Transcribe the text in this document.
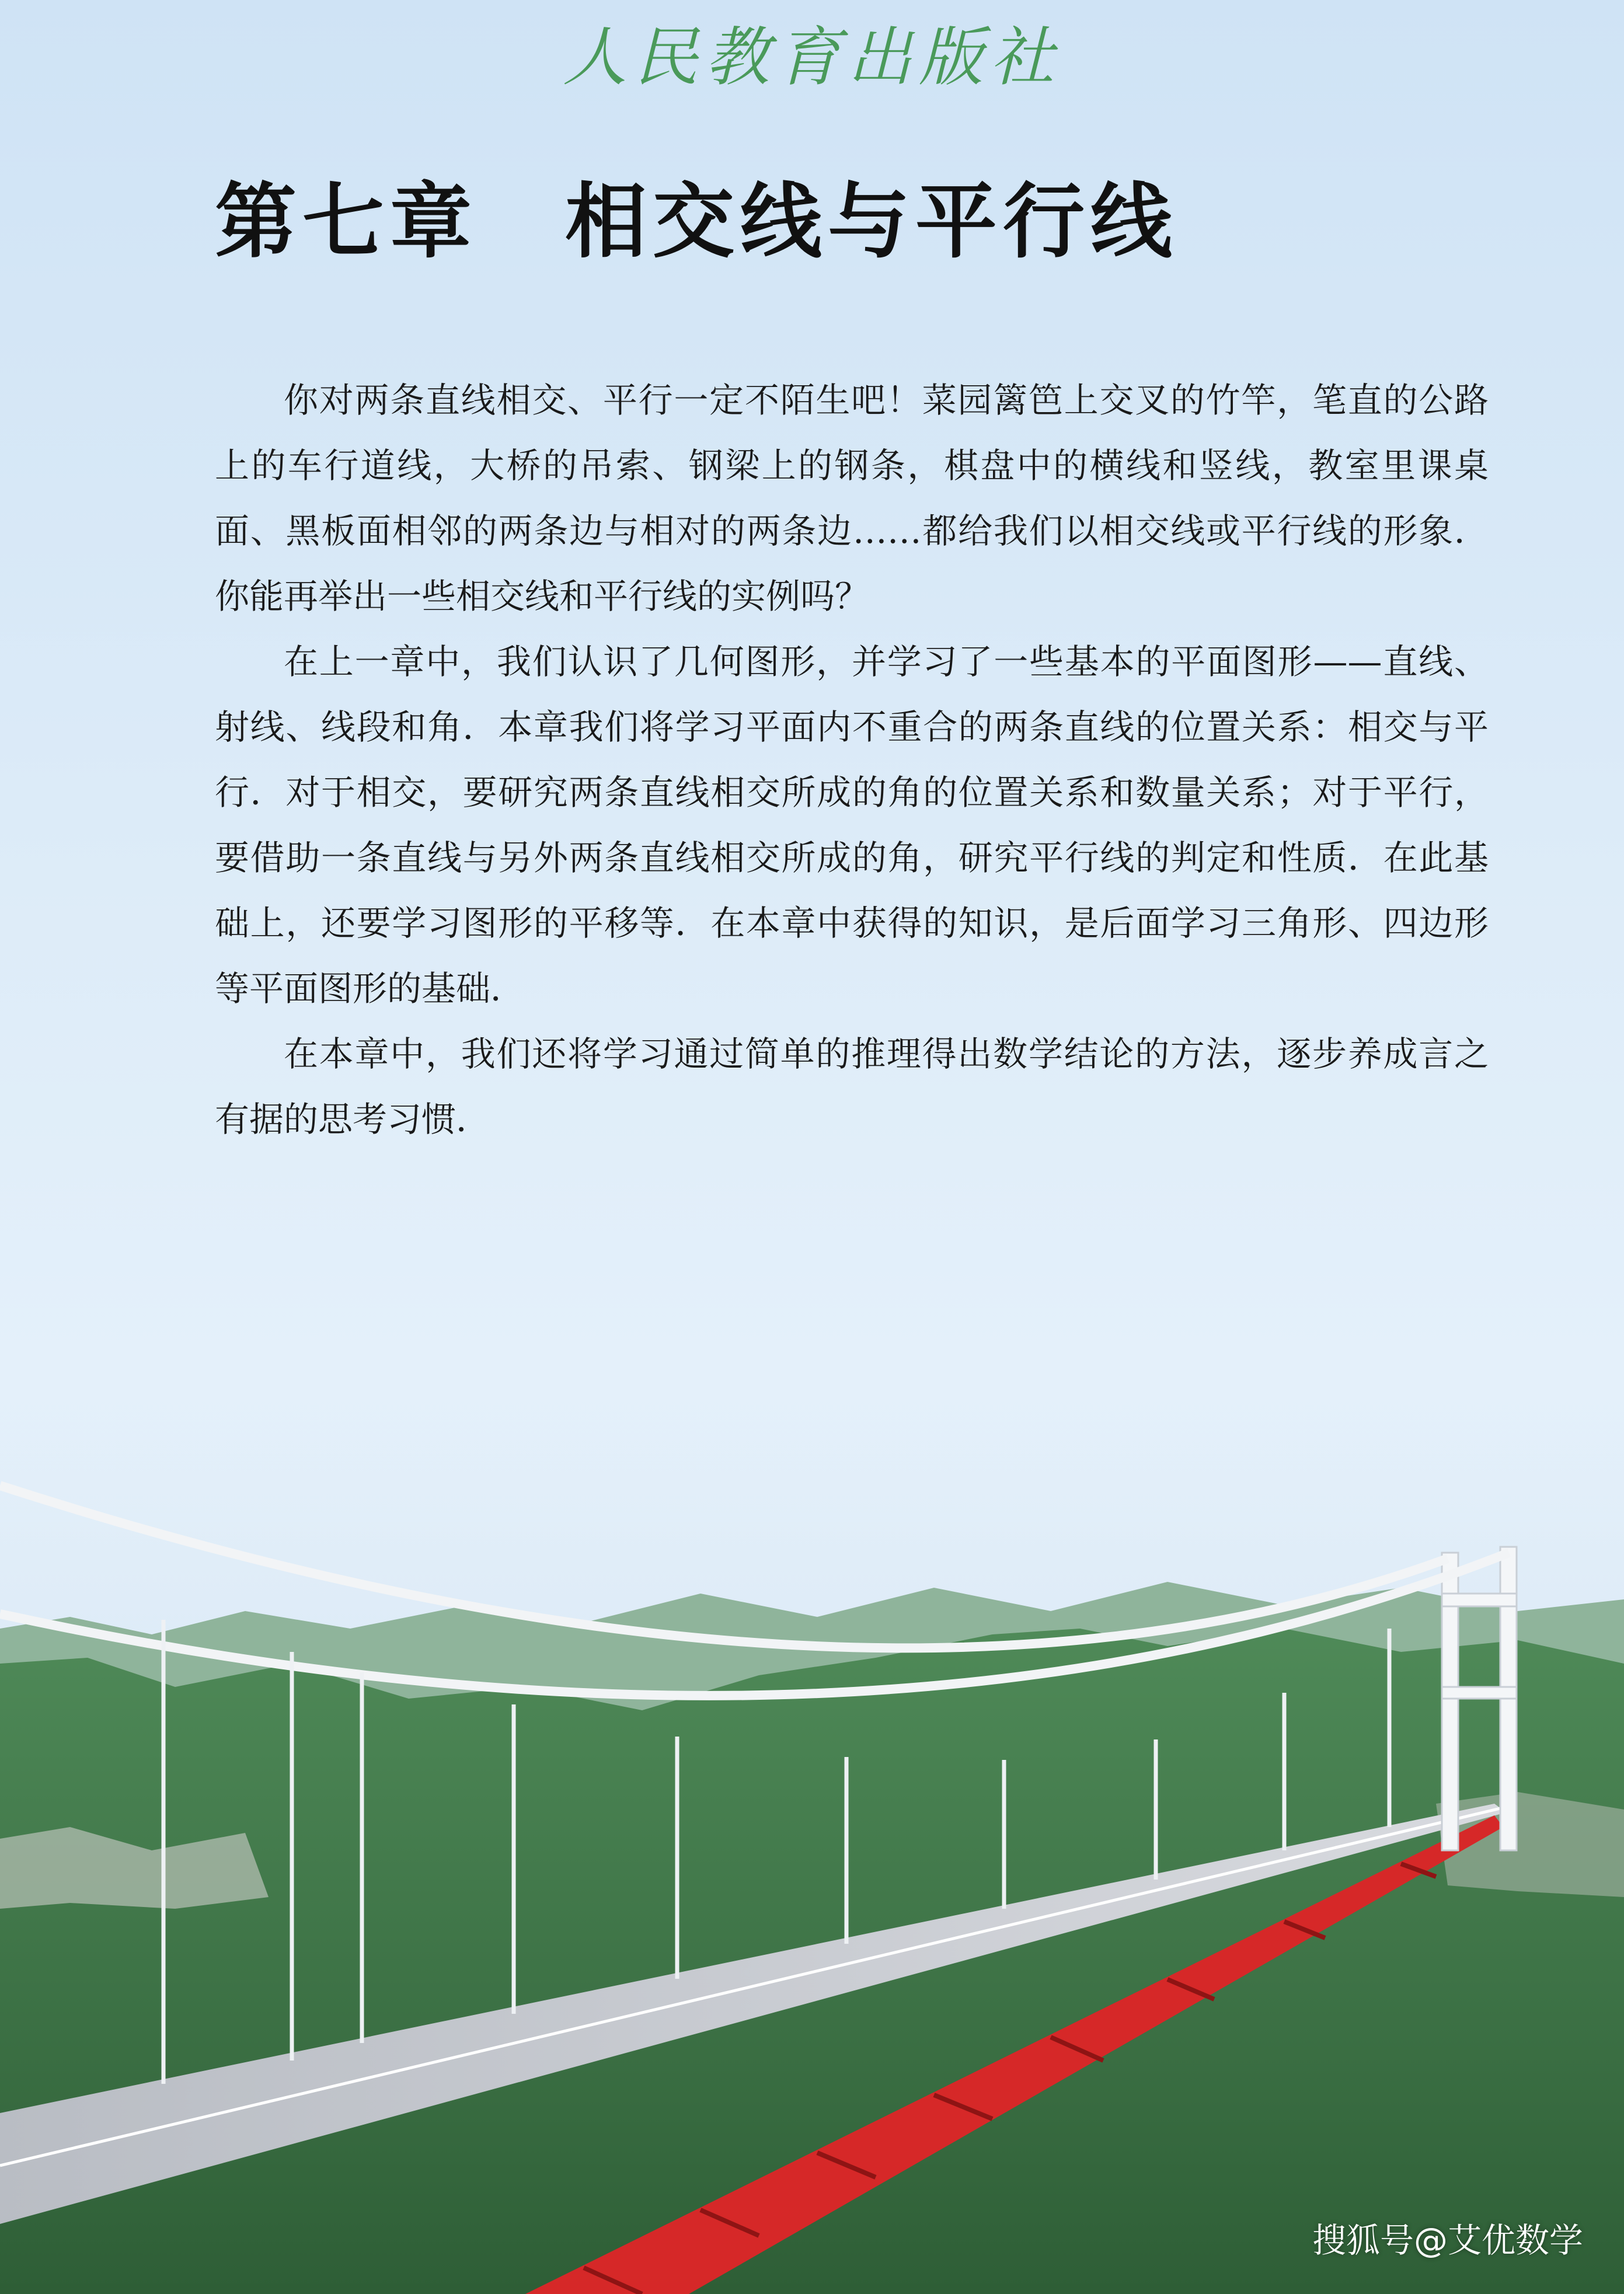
人民教育出版社
第七章　相交线与平行线

你对两条直线相交、平行一定不陌生吧！菜园篱笆上交叉的竹竿，笔直的公路上的车行道线，大桥的吊索、钢梁上的钢条，棋盘中的横线和竖线，教室里课桌面、黑板面相邻的两条边与相对的两条边……都给我们以相交线或平行线的形象．你能再举出一些相交线和平行线的实例吗？

在上一章中，我们认识了几何图形，并学习了一些基本的平面图形——直线、射线、线段和角．本章我们将学习平面内不重合的两条直线的位置关系：相交与平行．对于相交，要研究两条直线相交所成的角的位置关系和数量关系；对于平行，要借助一条直线与另外两条直线相交所成的角，研究平行线的判定和性质．在此基础上，还要学习图形的平移等．在本章中获得的知识，是后面学习三角形、四边形等平面图形的基础．

在本章中，我们还将学习通过简单的推理得出数学结论的方法，逐步养成言之有据的思考习惯．

搜狐号@艾优数学
